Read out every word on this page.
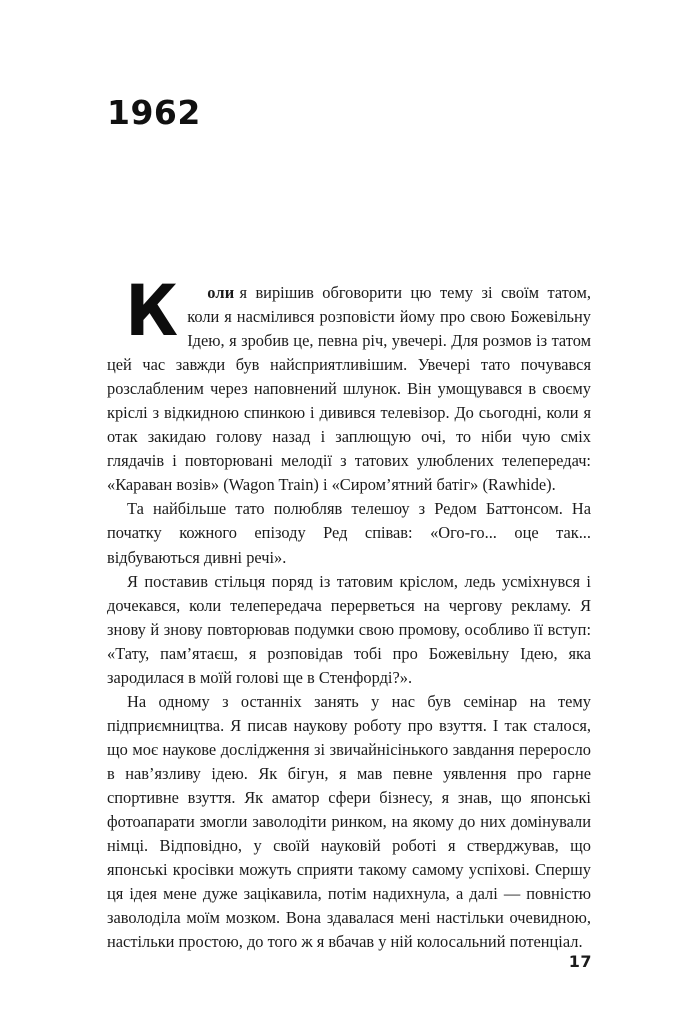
1962

К оли я вирішив обговорити цю тему зі своїм татом, коли я насмілився розповісти йому про свою Божевільну Ідею, я зробив це, певна річ, увечері. Для розмов із татом цей час завжди був найсприятливішим. Увечері тато почувався розслабленим через наповнений шлунок. Він умощувався в своєму кріслі з відкидною спинкою і дивився телевізор. До сьогодні, коли я отак закидаю голову назад і заплющую очі, то ніби чую сміх глядачів і повторювані мелодії з татових улюблених телепередач: «Караван возів» (Wagon Train) і «Сиром’ятний батіг» (Rawhide).

Та найбільше тато полюбляв телешоу з Редом Баттонсом. На початку кожного епізоду Ред співав: «Ого-го... оце так... відбуваються дивні речі».

Я поставив стільця поряд із татовим кріслом, ледь усміхнувся і дочекався, коли телепередача перерветься на чергову рекламу. Я знову й знову повторював подумки свою промову, особливо її вступ: «Тату, пам’ятаєш, я розповідав тобі про Божевільну Ідею, яка зародилася в моїй голові ще в Стенфорді?».

На одному з останніх занять у нас був семінар на тему підприємництва. Я писав наукову роботу про взуття. І так сталося, що моє наукове дослідження зі звичайнісінького завдання переросло в нав’язливу ідею. Як бігун, я мав певне уявлення про гарне спортивне взуття. Як аматор сфери бізнесу, я знав, що японські фотоапарати змогли заволодіти ринком, на якому до них домінували німці. Відповідно, у своїй науковій роботі я стверджував, що японські кросівки можуть сприяти такому самому успіхові. Спершу ця ідея мене дуже зацікавила, потім надихнула, а далі — повністю заволоділа моїм мозком. Вона здавалася мені настільки очевидною, настільки простою, до того ж я вбачав у ній колосальний потенціал.

17
